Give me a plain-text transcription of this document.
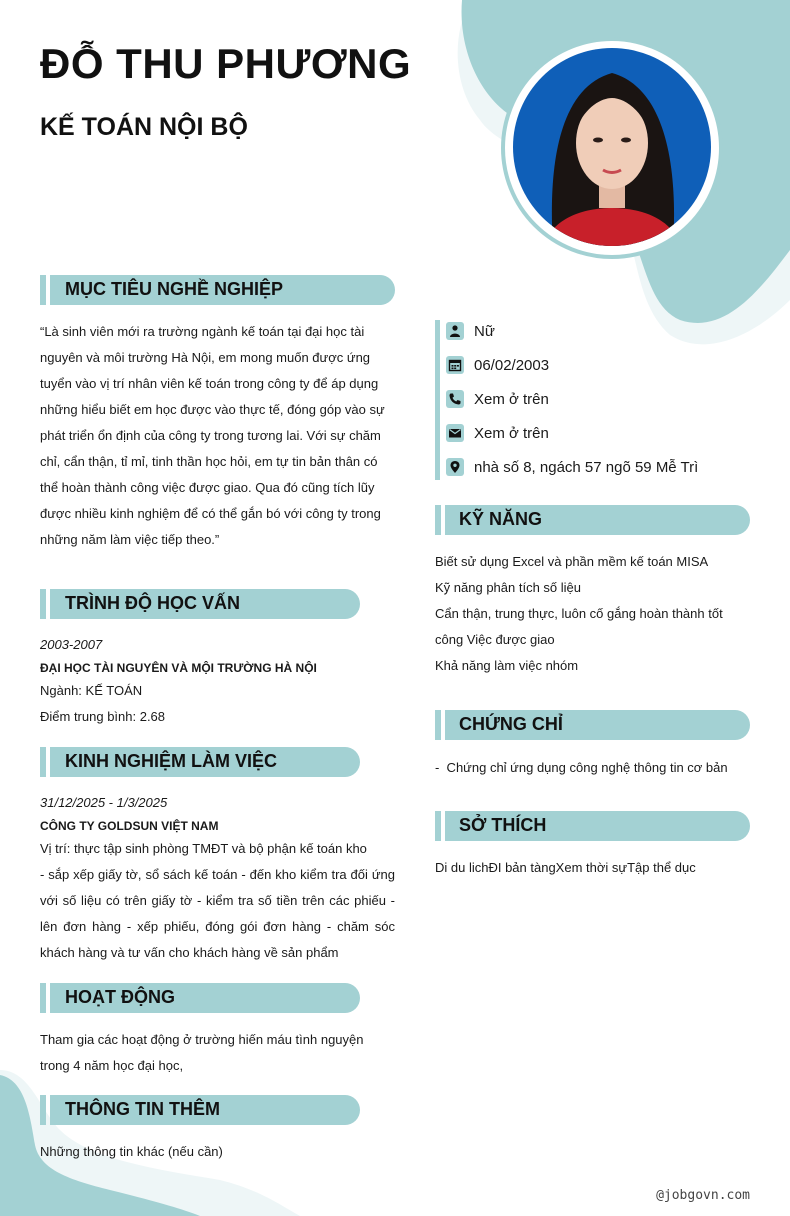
ĐỖ THU PHƯƠNG
KẾ TOÁN NỘI BỘ
MỤC TIÊU NGHỀ NGHIỆP
“Là sinh viên mới ra trường ngành kế toán tại đại học tài nguyên và môi trường Hà Nội, em mong muốn được ứng tuyển vào vị trí nhân viên kế toán trong công ty để áp dụng những hiểu biết em học được vào thực tế, đóng góp vào sự phát triển ổn định của công ty trong tương lai. Với sự chăm chỉ, cẩn thận, tỉ mỉ, tinh thần học hỏi, em tự tin bản thân có thể hoàn thành công việc được giao. Qua đó cũng tích lũy được nhiều kinh nghiệm để có thể gắn bó với công ty trong những năm làm việc tiếp theo.”
TRÌNH ĐỘ HỌC VẤN
2003-2007
ĐẠI HỌC TÀI NGUYÊN VÀ MỘI TRƯỜNG HÀ NỘI
Ngành: KẾ TOÁN
Điểm trung bình: 2.68
KINH NGHIỆM LÀM VIỆC
31/12/2025 - 1/3/2025
CÔNG TY GOLDSUN VIỆT NAM
Vị trí: thực tập sinh phòng TMĐT và bộ phận kế toán kho
- sắp xếp giấy tờ, sổ sách kế toán - đến kho kiểm tra đối ứng với số liệu có trên giấy tờ - kiểm tra số tiền trên các phiếu - lên đơn hàng - xếp phiếu, đóng gói đơn hàng - chăm sóc khách hàng và tư vấn cho khách hàng về sản phẩm
HOẠT ĐỘNG
Tham gia các hoạt động ở trường hiến máu tình nguyện trong 4 năm học đại học,
THÔNG TIN THÊM
Những thông tin khác (nếu cần)
Nữ
06/02/2003
Xem ở trên
Xem ở trên
nhà số 8, ngách 57 ngõ 59 Mễ Trì
KỸ NĂNG
Biết sử dụng Excel và phần mềm kế toán MISA
Kỹ năng phân tích số liệu
Cẩn thận, trung thực, luôn cố gắng hoàn thành tốt công Việc được giao
Khả năng làm việc nhóm
CHỨNG CHỈ
-  Chứng chỉ ứng dụng công nghệ thông tin cơ bản
SỞ THÍCH
Di du lichĐI bản tàngXem thời sựTập thể dục
@jobgovn.com
